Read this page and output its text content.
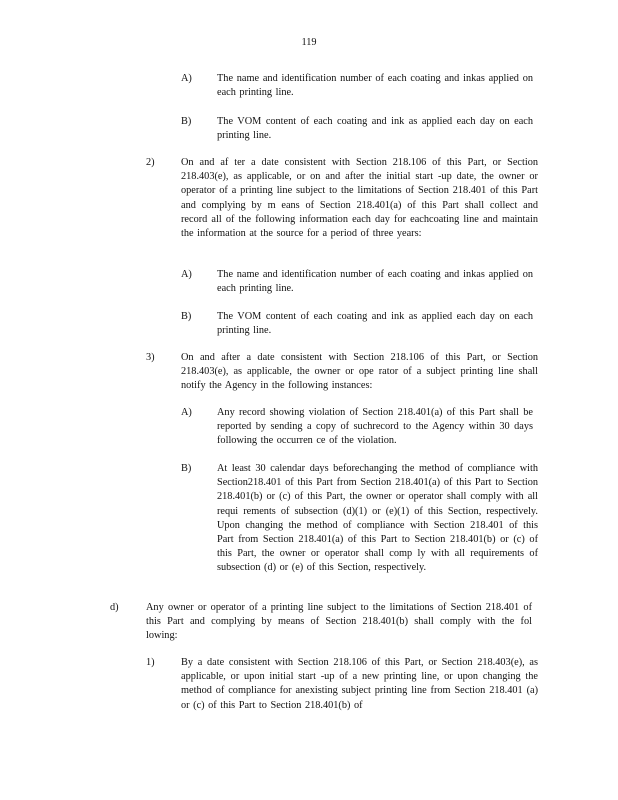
119
A) The name and identification number of each coating and inkas applied on each printing line.
B) The VOM content of each coating and ink as applied each day on each printing line.
2)	On and af ter a date consistent with Section 218.106 of this Part, or Section 218.403(e), as applicable, or on and after the initial start -up date, the owner or operator of a printing line subject to the limitations of Section 218.401 of this Part and complying by m eans of Section 218.401(a) of this Part shall collect and record all of the following information each day for eachcoating line and maintain the information at the source for a period of three years:
A) The name and identification number of each coating and inkas applied on each printing line.
B) The VOM content of each coating and ink as applied each day on each printing line.
3)	On and after a date consistent with Section 218.106 of this Part, or Section 218.403(e), as applicable, the owner or ope rator of a subject printing line shall notify the Agency in the following instances:
A) Any record showing violation of Section 218.401(a) of this Part shall be reported by sending a copy of suchrecord to the Agency within 30 days following the occurren ce of the violation.
B) At least 30 calendar days beforechanging the method of compliance with Section218.401 of this Part from Section 218.401(a) of this Part to Section 218.401(b) or (c) of this Part, the owner or operator shall comply with all requi rements of subsection (d)(1) or (e)(1) of this Section, respectively. Upon changing the method of compliance with Section 218.401 of this Part from Section 218.401(a) of this Part to Section 218.401(b) or (c) of this Part, the owner or operator shall comp ly with all requirements of subsection (d) or (e) of this Section, respectively.
d)	Any owner or operator of a printing line subject to the limitations of Section 218.401 of this Part and complying by means of Section 218.401(b) shall comply with the fol lowing:
1)	By a date consistent with Section 218.106 of this Part, or Section 218.403(e), as applicable, or upon initial start -up of a new printing line, or upon changing the method of compliance for anexisting subject printing line from Section 218.401 (a) or (c) of this Part to Section 218.401(b) of
